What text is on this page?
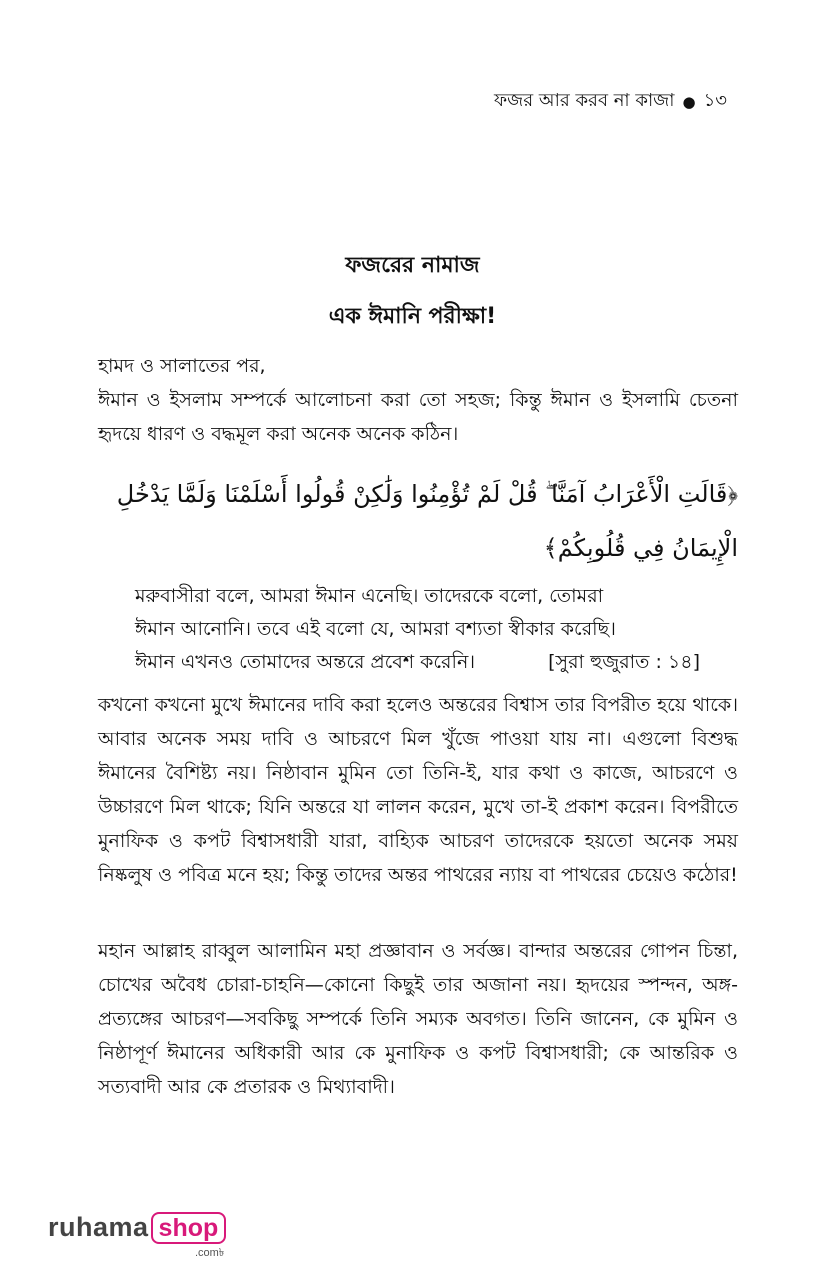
ফজর আর করব না কাজা ● ১৩

ফজরের নামাজ

এক ঈমানি পরীক্ষা!

হামদ ও সালাতের পর,

ঈমান ও ইসলাম সম্পর্কে আলোচনা করা তো সহজ; কিন্তু ঈমান ও ইসলামি চেতনা হৃদয়ে ধারণ ও বদ্ধমূল করা অনেক অনেক কঠিন।

﴿قَالَتِ الْأَعْرَابُ آمَنَّا ۖ قُلْ لَمْ تُؤْمِنُوا وَلَٰكِنْ قُولُوا أَسْلَمْنَا وَلَمَّا يَدْخُلِ

الْإِيمَانُ فِي قُلُوبِكُمْ﴾

মরুবাসীরা বলে, আমরা ঈমান এনেছি। তাদেরকে বলো, তোমরা
ঈমান আনোনি। তবে এই বলো যে, আমরা বশ্যতা স্বীকার করেছি।
ঈমান এখনও তোমাদের অন্তরে প্রবেশ করেনি।	[সুরা হুজুরাত : ১৪]

কখনো কখনো মুখে ঈমানের দাবি করা হলেও অন্তরের বিশ্বাস তার বিপরীত হয়ে থাকে। আবার অনেক সময় দাবি ও আচরণে মিল খুঁজে পাওয়া যায় না। এগুলো বিশুদ্ধ ঈমানের বৈশিষ্ট্য নয়। নিষ্ঠাবান মুমিন তো তিনি-ই, যার কথা ও কাজে, আচরণে ও উচ্চারণে মিল থাকে; যিনি অন্তরে যা লালন করেন, মুখে তা-ই প্রকাশ করেন। বিপরীতে মুনাফিক ও কপট বিশ্বাসধারী যারা, বাহ্যিক আচরণ তাদেরকে হয়তো অনেক সময় নিষ্কলুষ ও পবিত্র মনে হয়; কিন্তু তাদের অন্তর পাথরের ন্যায় বা পাথরের চেয়েও কঠোর!

মহান আল্লাহ রাব্বুল আলামিন মহা প্রজ্ঞাবান ও সর্বজ্ঞ। বান্দার অন্তরের গোপন চিন্তা, চোখের অবৈধ চোরা-চাহনি—কোনো কিছুই তার অজানা নয়। হৃদয়ের স্পন্দন, অঙ্গ-প্রত্যঙ্গের আচরণ—সবকিছু সম্পর্কে তিনি সম্যক অবগত। তিনি জানেন, কে মুমিন ও নিষ্ঠাপূর্ণ ঈমানের অধিকারী আর কে মুনাফিক ও কপট বিশ্বাসধারী; কে আন্তরিক ও সত্যবাদী আর কে প্রতারক ও মিথ্যাবাদী।

ruhama shop
.com৳
